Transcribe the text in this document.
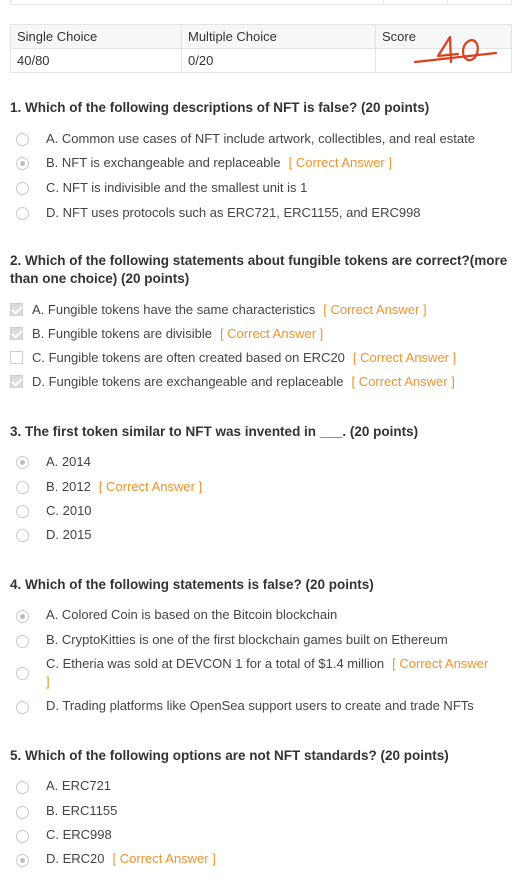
Single Choice	Multiple Choice	Score
40/80	0/20	
1. Which of the following descriptions of NFT is false? (20 points)
A. Common use cases of NFT include artwork, collectibles, and real estate
B. NFT is exchangeable and replaceable [ Correct Answer ]
C. NFT is indivisible and the smallest unit is 1
D. NFT uses protocols such as ERC721, ERC1155, and ERC998
2. Which of the following statements about fungible tokens are correct?(more
than one choice) (20 points)
A. Fungible tokens have the same characteristics [ Correct Answer ]
B. Fungible tokens are divisible [ Correct Answer ]
C. Fungible tokens are often created based on ERC20 [ Correct Answer ]
D. Fungible tokens are exchangeable and replaceable [ Correct Answer ]
3. The first token similar to NFT was invented in ___. (20 points)
A. 2014
B. 2012 [ Correct Answer ]
C. 2010
D. 2015
4. Which of the following statements is false? (20 points)
A. Colored Coin is based on the Bitcoin blockchain
B. CryptoKitties is one of the first blockchain games built on Ethereum
C. Etheria was sold at DEVCON 1 for a total of $1.4 million [ Correct Answer
]
D. Trading platforms like OpenSea support users to create and trade NFTs
5. Which of the following options are not NFT standards? (20 points)
A. ERC721
B. ERC1155
C. ERC998
D. ERC20 [ Correct Answer ]
